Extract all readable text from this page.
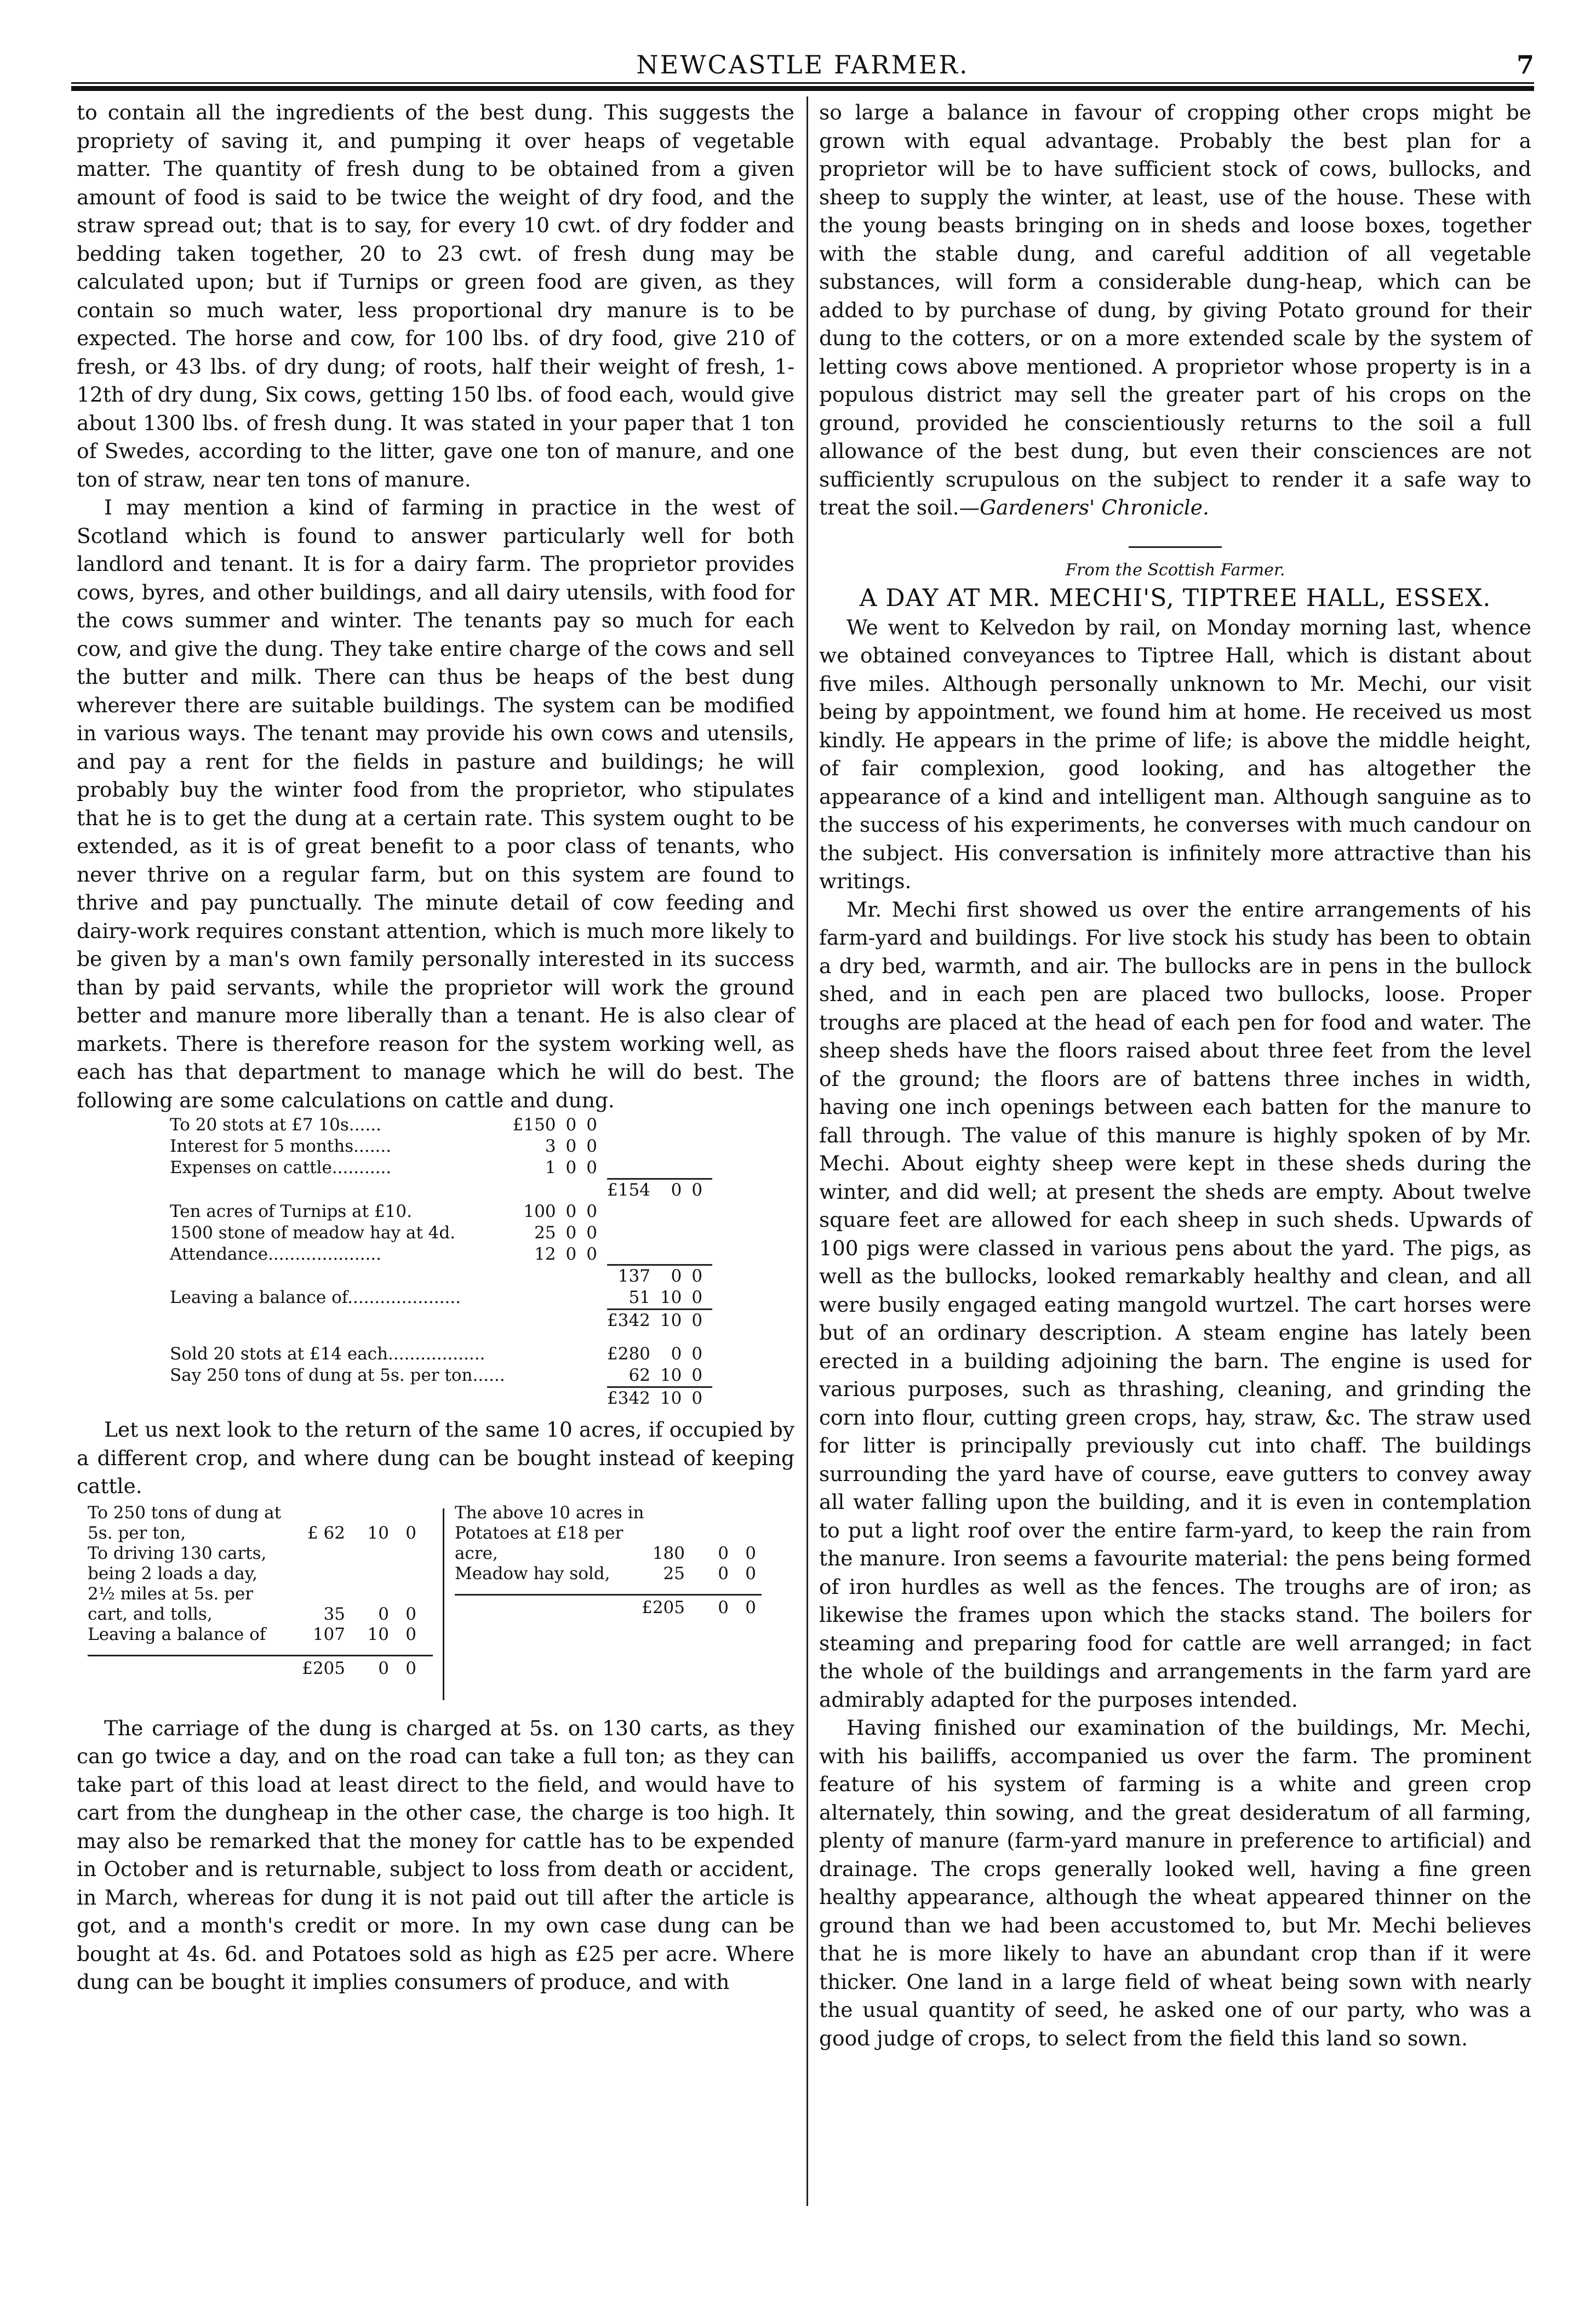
NEWCASTLE FARMER.	7

to contain all the ingredients of the best dung. This suggests the propriety of saving it, and pumping it over heaps of vegetable matter. The quantity of fresh dung to be obtained from a given amount of food is said to be twice the weight of dry food, and the straw spread out; that is to say, for every 10 cwt. of dry fodder and bedding taken together, 20 to 23 cwt. of fresh dung may be calculated upon; but if Turnips or green food are given, as they contain so much water, less proportional dry manure is to be expected. The horse and cow, for 100 lbs. of dry food, give 210 of fresh, or 43 lbs. of dry dung; of roots, half their weight of fresh, 1-12th of dry dung, Six cows, getting 150 lbs. of food each, would give about 1300 lbs. of fresh dung. It was stated in your paper that 1 ton of Swedes, according to the litter, gave one ton of manure, and one ton of straw, near ten tons of manure.

I may mention a kind of farming in practice in the west of Scotland which is found to answer particularly well for both landlord and tenant. It is for a dairy farm. The proprietor provides cows, byres, and other buildings, and all dairy utensils, with food for the cows summer and winter. The tenants pay so much for each cow, and give the dung. They take entire charge of the cows and sell the butter and milk. There can thus be heaps of the best dung wherever there are suitable buildings. The system can be modified in various ways. The tenant may provide his own cows and utensils, and pay a rent for the fields in pasture and buildings; he will probably buy the winter food from the proprietor, who stipulates that he is to get the dung at a certain rate. This system ought to be extended, as it is of great benefit to a poor class of tenants, who never thrive on a regular farm, but on this system are found to thrive and pay punctually. The minute detail of cow feeding and dairy-work requires constant attention, which is much more likely to be given by a man's own family personally interested in its success than by paid servants, while the proprietor will work the ground better and manure more liberally than a tenant. He is also clear of markets. There is therefore reason for the system working well, as each has that department to manage which he will do best. The following are some calculations on cattle and dung.

To 20 stots at £7 10s......	£150	0	0			
Interest for 5 months.......	3	0	0			
Expenses on cattle...........	1	0	0			
				£154	0	0
Ten acres of Turnips at £10.	100	0	0			
1500 stone of meadow hay at 4d.	25	0	0			
Attendance.....................	12	0	0			
				137	0	0
Leaving a balance of.....................				51	10	0
				£342	10	0

Sold 20 stots at £14 each..................				£280	0	0
Say 250 tons of dung at 5s. per ton......				62	10	0
				£342	10	0

Let us next look to the return of the same 10 acres, if occupied by a different crop, and where dung can be bought instead of keeping cattle.

To 250 tons of dung at
5s. per ton,	£ 62 10 0
To driving 130 carts,
being 2 loads a day,
2½ miles at 5s. per
cart, and tolls,	35	0 0
Leaving a balance of	107 10 0
£205	0 0
The above 10 acres in
Potatoes at £18 per
acre,	180	0 0
Meadow hay sold,	25	0 0
£205	0 0

The carriage of the dung is charged at 5s. on 130 carts, as they can go twice a day, and on the road can take a full ton; as they can take part of this load at least direct to the field, and would have to cart from the dungheap in the other case, the charge is too high. It may also be remarked that the money for cattle has to be expended in October and is returnable, subject to loss from death or accident, in March, whereas for dung it is not paid out till after the article is got, and a month's credit or more. In my own case dung can be bought at 4s. 6d. and Potatoes sold as high as £25 per acre. Where dung can be bought it implies consumers of produce, and with

so large a balance in favour of cropping other crops might be grown with equal advantage. Probably the best plan for a proprietor will be to have sufficient stock of cows, bullocks, and sheep to supply the winter, at least, use of the house. These with the young beasts bringing on in sheds and loose boxes, together with the stable dung, and careful addition of all vegetable substances, will form a considerable dung-heap, which can be added to by purchase of dung, by giving Potato ground for their dung to the cotters, or on a more extended scale by the system of letting cows above mentioned. A proprietor whose property is in a populous district may sell the greater part of his crops on the ground, provided he conscientiously returns to the soil a full allowance of the best dung, but even their consciences are not sufficiently scrupulous on the subject to render it a safe way to treat the soil.—Gardeners' Chronicle.

From the Scottish Farmer.

A DAY AT MR. MECHI'S, TIPTREE HALL, ESSEX.

We went to Kelvedon by rail, on Monday morning last, whence we obtained conveyances to Tiptree Hall, which is distant about five miles. Although personally unknown to Mr. Mechi, our visit being by appointment, we found him at home. He received us most kindly. He appears in the prime of life; is above the middle height, of fair complexion, good looking, and has altogether the appearance of a kind and intelligent man. Although sanguine as to the success of his experiments, he converses with much candour on the subject. His conversation is infinitely more attractive than his writings.

Mr. Mechi first showed us over the entire arrangements of his farm-yard and buildings. For live stock his study has been to obtain a dry bed, warmth, and air. The bullocks are in pens in the bullock shed, and in each pen are placed two bullocks, loose. Proper troughs are placed at the head of each pen for food and water. The sheep sheds have the floors raised about three feet from the level of the ground; the floors are of battens three inches in width, having one inch openings between each batten for the manure to fall through. The value of this manure is highly spoken of by Mr. Mechi. About eighty sheep were kept in these sheds during the winter, and did well; at present the sheds are empty. About twelve square feet are allowed for each sheep in such sheds. Upwards of 100 pigs were classed in various pens about the yard. The pigs, as well as the bullocks, looked remarkably healthy and clean, and all were busily engaged eating mangold wurtzel. The cart horses were but of an ordinary description. A steam engine has lately been erected in a building adjoining the barn. The engine is used for various purposes, such as thrashing, cleaning, and grinding the corn into flour, cutting green crops, hay, straw, &c. The straw used for litter is principally previously cut into chaff. The buildings surrounding the yard have of course, eave gutters to convey away all water falling upon the building, and it is even in contemplation to put a light roof over the entire farm-yard, to keep the rain from the manure. Iron seems a favourite material: the pens being formed of iron hurdles as well as the fences. The troughs are of iron; as likewise the frames upon which the stacks stand. The boilers for steaming and preparing food for cattle are well arranged; in fact the whole of the buildings and arrangements in the farm yard are admirably adapted for the purposes intended.

Having finished our examination of the buildings, Mr. Mechi, with his bailiffs, accompanied us over the farm. The prominent feature of his system of farming is a white and green crop alternately, thin sowing, and the great desideratum of all farming, plenty of manure (farm-yard manure in preference to artificial) and drainage. The crops generally looked well, having a fine green healthy appearance, although the wheat appeared thinner on the ground than we had been accustomed to, but Mr. Mechi believes that he is more likely to have an abundant crop than if it were thicker. One land in a large field of wheat being sown with nearly the usual quantity of seed, he asked one of our party, who was a good judge of crops, to select from the field this land so sown.
